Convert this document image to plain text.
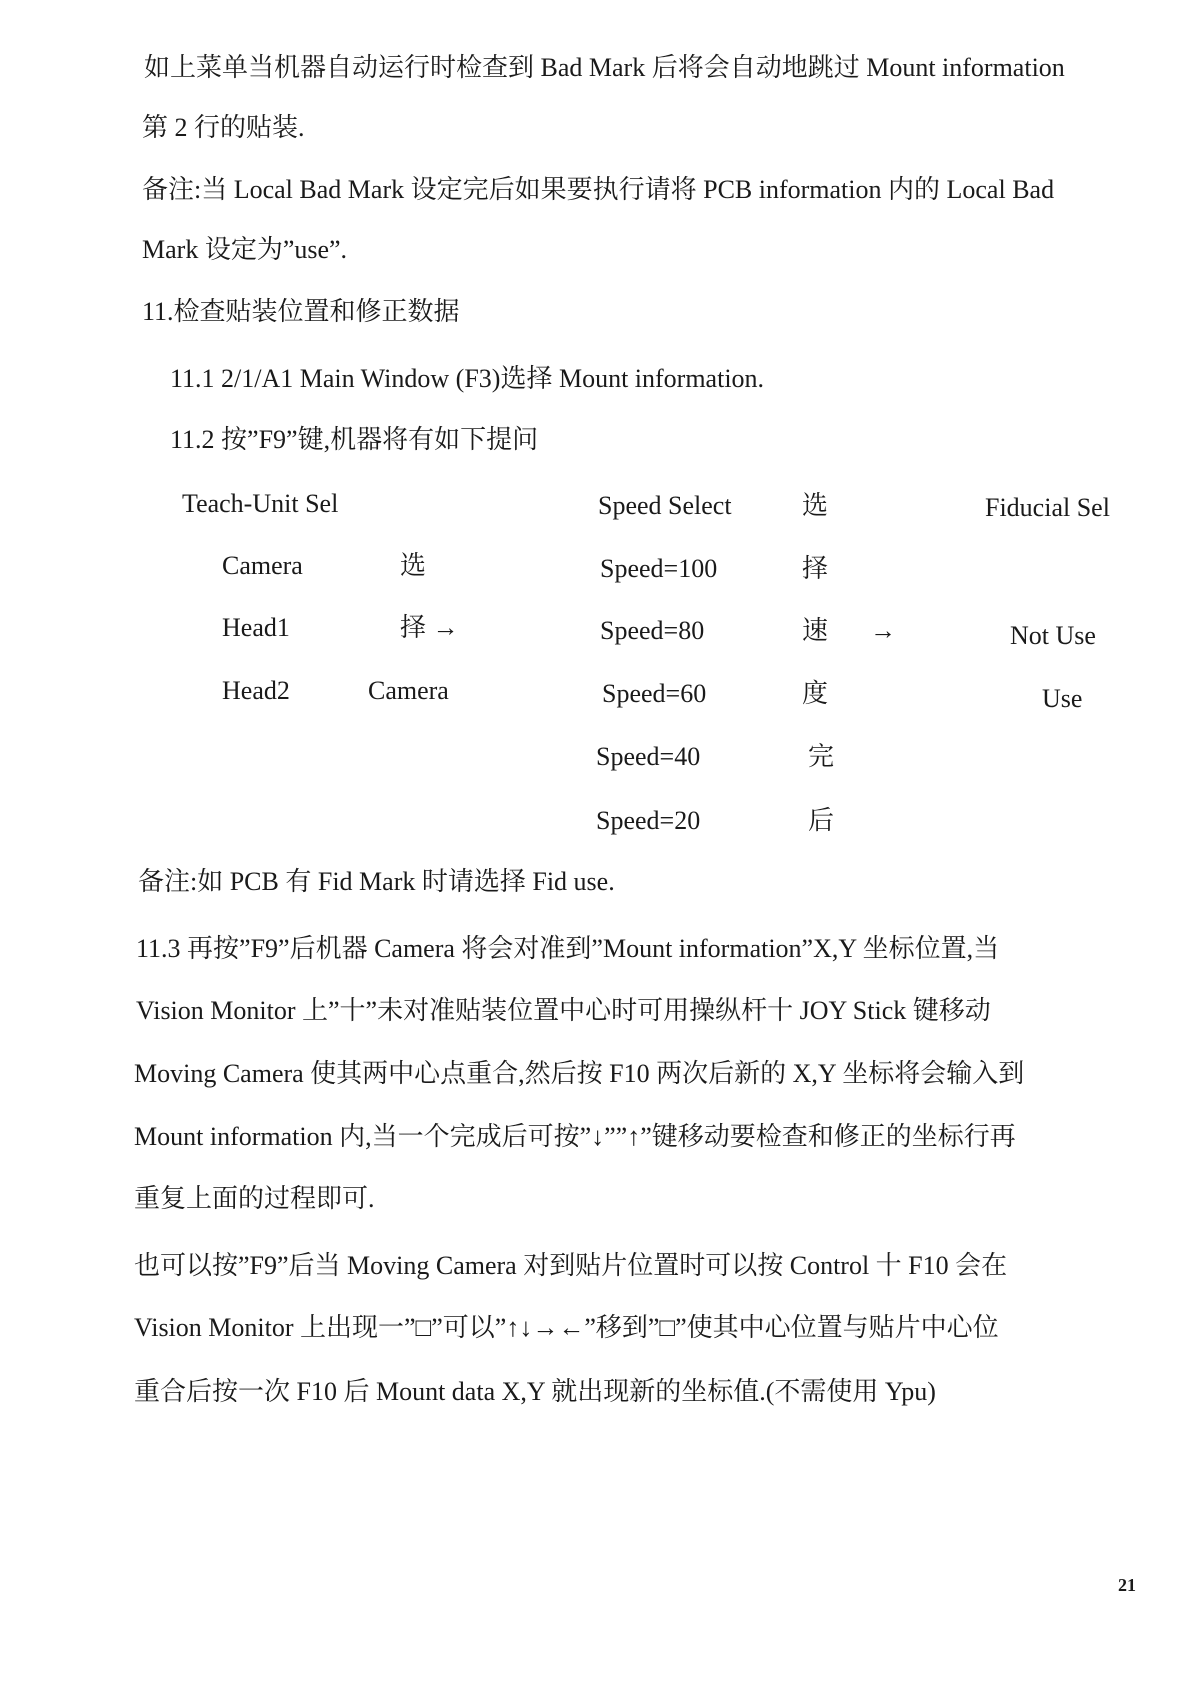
如上菜单当机器自动运行时检查到 Bad Mark 后将会自动地跳过 Mount information
第 2 行的贴装.
备注:当 Local Bad Mark 设定完后如果要执行请将 PCB information 内的 Local Bad
Mark 设定为”use”.
11.检查贴装位置和修正数据
11.1 2/1/A1 Main Window (F3)选择 Mount information.
11.2 按”F9”键,机器将有如下提问
Teach-Unit Sel
Camera
Head1
Head2
选
择 →
Camera
Speed Select
Speed=100
Speed=80
Speed=60
Speed=40
Speed=20
选
择
速
度
完
后
→
Fiducial Sel
Not Use
Use
备注:如 PCB 有 Fid Mark 时请选择 Fid use.
11.3 再按”F9”后机器 Camera 将会对准到”Mount information”X,Y 坐标位置,当
Vision Monitor 上”十”未对准贴装位置中心时可用操纵杆十 JOY Stick 键移动
Moving Camera 使其两中心点重合,然后按 F10 两次后新的 X,Y 坐标将会输入到
Mount information 内,当一个完成后可按”↓””↑”键移动要检查和修正的坐标行再
重复上面的过程即可.
也可以按”F9”后当 Moving Camera 对到贴片位置时可以按 Control 十 F10 会在
Vision Monitor 上出现一”□”可以”↑↓→←”移到”□”使其中心位置与贴片中心位
重合后按一次 F10 后 Mount data X,Y 就出现新的坐标值.(不需使用 Ypu)
21
